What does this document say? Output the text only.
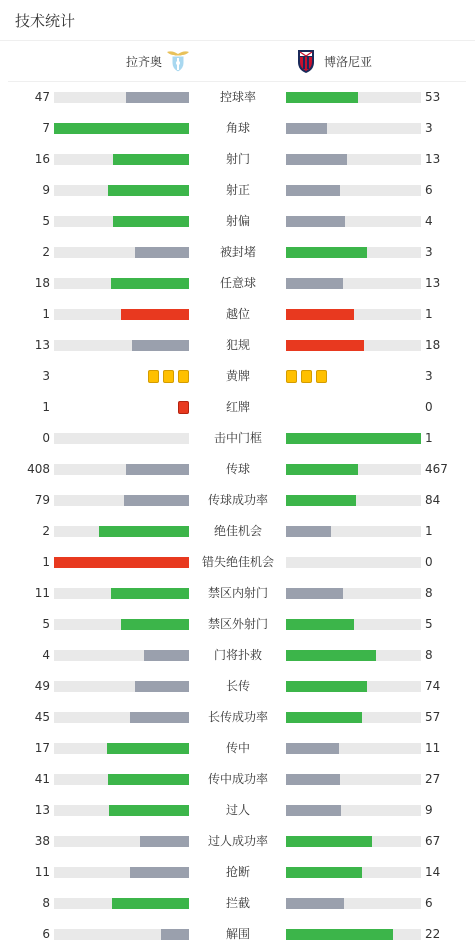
技术统计
拉齐奥	博洛尼亚
47	控球率	53
7	角球	3
16	射门	13
9	射正	6
5	射偏	4
2	被封堵	3
18	任意球	13
1	越位	1
13	犯规	18
3	黄牌	3
1	红牌	0
0	击中门框	1
408	传球	467
79	传球成功率	84
2	绝佳机会	1
1	错失绝佳机会	0
11	禁区内射门	8
5	禁区外射门	5
4	门将扑救	8
49	长传	74
45	长传成功率	57
17	传中	11
41	传中成功率	27
13	过人	9
38	过人成功率	67
11	抢断	14
8	拦截	6
6	解围	22
